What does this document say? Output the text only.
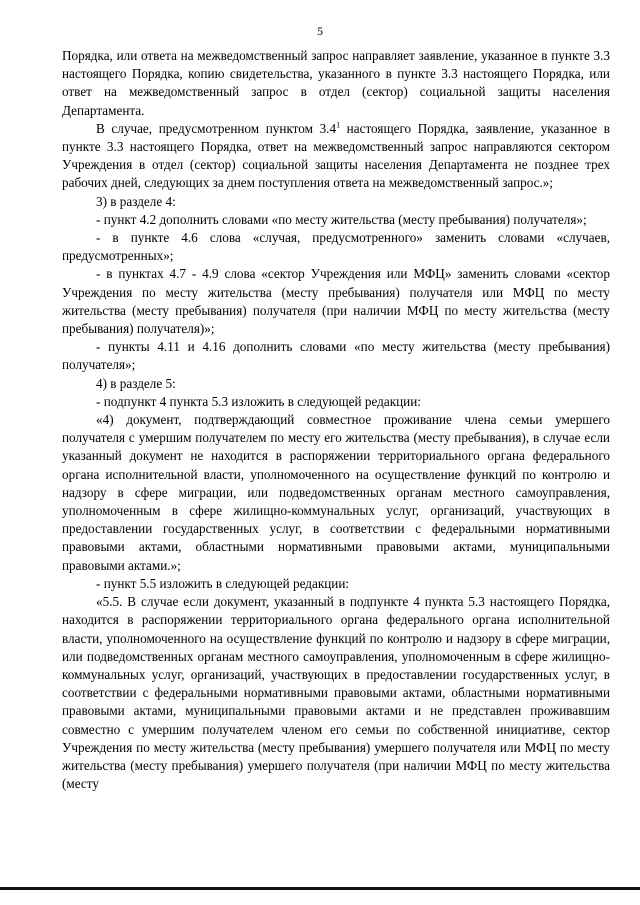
5

Порядка, или ответа на межведомственный запрос направляет заявление, указанное в пункте 3.3 настоящего Порядка, копию свидетельства, указанного в пункте 3.3 настоящего Порядка, или ответ на межведомственный запрос в отдел (сектор) социальной защиты населения Департамента.

В случае, предусмотренном пунктом $3.4^1$ настоящего Порядка, заявление, указанное в пункте 3.3 настоящего Порядка, ответ на межведомственный запрос направляются сектором Учреждения в отдел (сектор) социальной защиты населения Департамента не позднее трех рабочих дней, следующих за днем поступления ответа на межведомственный запрос.»;

3) в разделе 4:

- пункт 4.2 дополнить словами «по месту жительства (месту пребывания) получателя»;

- в пункте 4.6 слова «случая, предусмотренного» заменить словами «случаев, предусмотренных»;

- в пунктах 4.7 - 4.9 слова «сектор Учреждения или МФЦ» заменить словами «сектор Учреждения по месту жительства (месту пребывания) получателя или МФЦ по месту жительства (месту пребывания) получателя (при наличии МФЦ по месту жительства (месту пребывания) получателя)»;

- пункты 4.11 и 4.16 дополнить словами «по месту жительства (месту пребывания) получателя»;

4) в разделе 5:

- подпункт 4 пункта 5.3 изложить в следующей редакции:

«4) документ, подтверждающий совместное проживание члена семьи умершего получателя с умершим получателем по месту его жительства (месту пребывания), в случае если указанный документ не находится в распоряжении территориального органа федерального органа исполнительной власти, уполномоченного на осуществление функций по контролю и надзору в сфере миграции, или подведомственных органам местного самоуправления, уполномоченным в сфере жилищно-коммунальных услуг, организаций, участвующих в предоставлении государственных услуг, в соответствии с федеральными нормативными правовыми актами, областными нормативными правовыми актами, муниципальными правовыми актами.»;

- пункт 5.5 изложить в следующей редакции:

«5.5. В случае если документ, указанный в подпункте 4 пункта 5.3 настоящего Порядка, находится в распоряжении территориального органа федерального органа исполнительной власти, уполномоченного на осуществление функций по контролю и надзору в сфере миграции, или подведомственных органам местного самоуправления, уполномоченным в сфере жилищно-коммунальных услуг, организаций, участвующих в предоставлении государственных услуг, в соответствии с федеральными нормативными правовыми актами, областными нормативными правовыми актами, муниципальными правовыми актами и не представлен проживавшим совместно с умершим получателем членом его семьи по собственной инициативе, сектор Учреждения по месту жительства (месту пребывания) умершего получателя или МФЦ по месту жительства (месту пребывания) умершего получателя (при наличии МФЦ по месту жительства (месту
